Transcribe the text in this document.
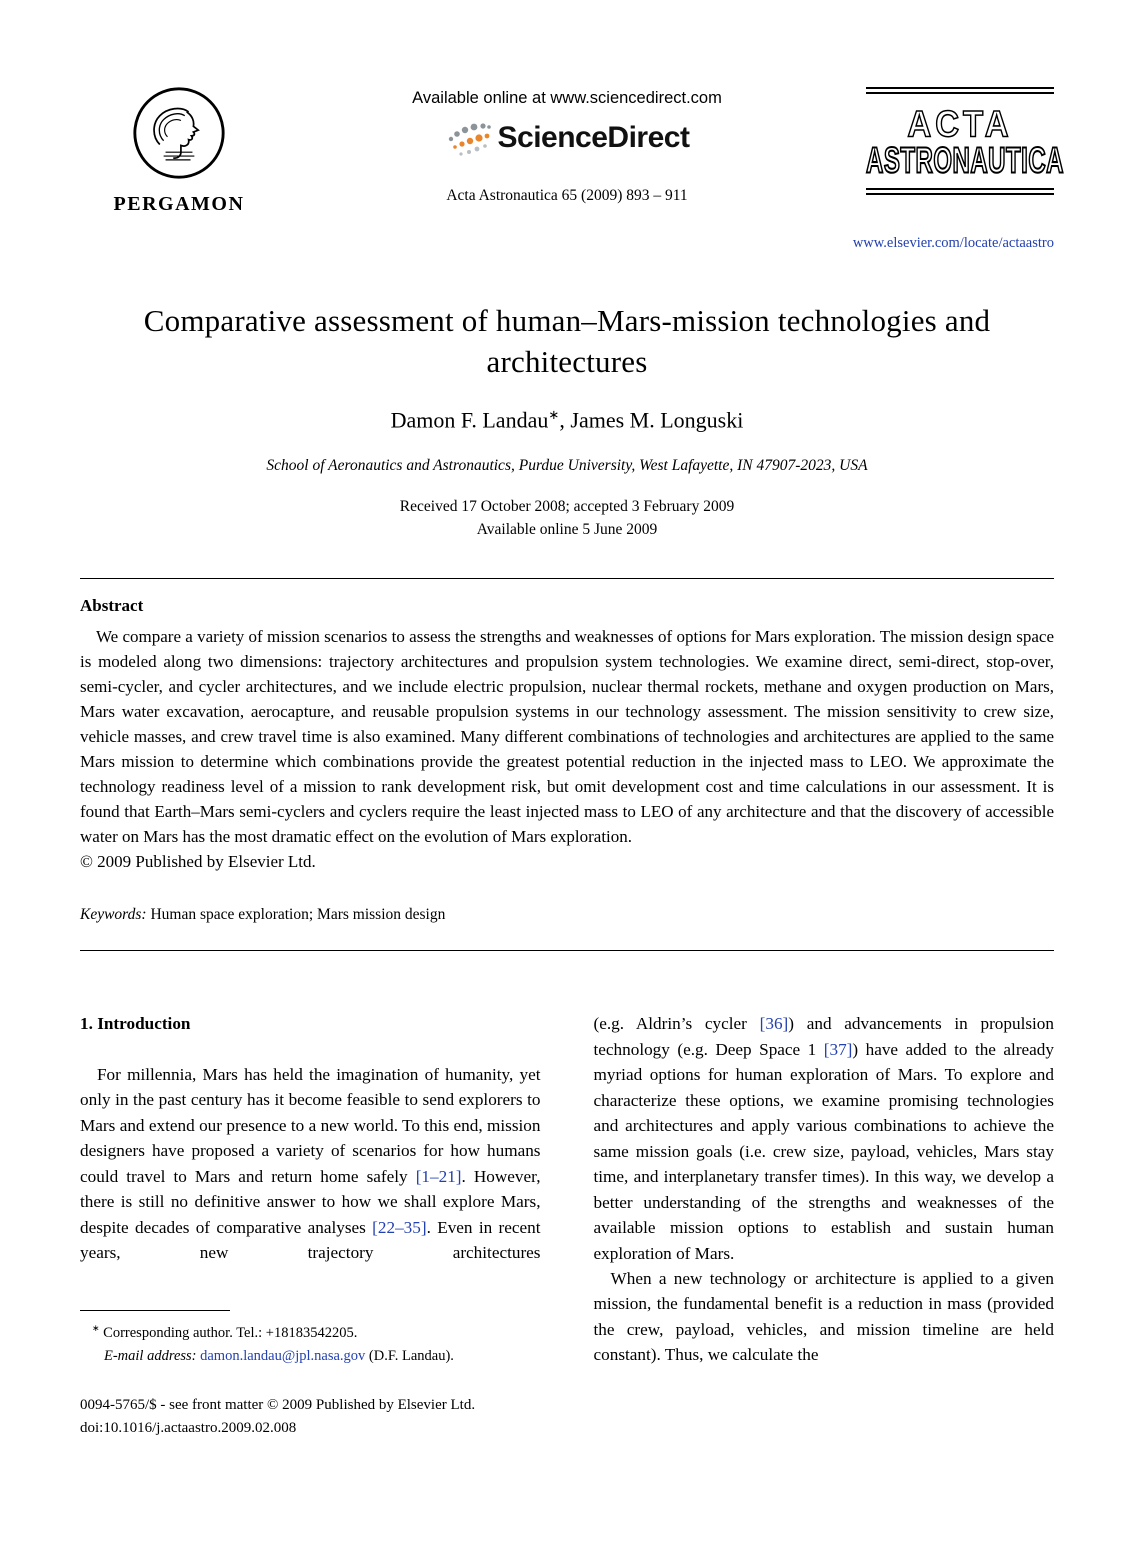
PERGAMON
Available online at www.sciencedirect.com
ScienceDirect
Acta Astronautica 65 (2009) 893 – 911
ACTA
ASTRONAUTICA
www.elsevier.com/locate/actaastro
Comparative assessment of human–Mars-mission technologies and architectures
Damon F. Landau∗, James M. Longuski
School of Aeronautics and Astronautics, Purdue University, West Lafayette, IN 47907-2023, USA
Received 17 October 2008; accepted 3 February 2009
Available online 5 June 2009
Abstract

We compare a variety of mission scenarios to assess the strengths and weaknesses of options for Mars exploration. The mission design space is modeled along two dimensions: trajectory architectures and propulsion system technologies. We examine direct, semi-direct, stop-over, semi-cycler, and cycler architectures, and we include electric propulsion, nuclear thermal rockets, methane and oxygen production on Mars, Mars water excavation, aerocapture, and reusable propulsion systems in our technology assessment. The mission sensitivity to crew size, vehicle masses, and crew travel time is also examined. Many different combinations of technologies and architectures are applied to the same Mars mission to determine which combinations provide the greatest potential reduction in the injected mass to LEO. We approximate the technology readiness level of a mission to rank development risk, but omit development cost and time calculations in our assessment. It is found that Earth–Mars semi-cyclers and cyclers require the least injected mass to LEO of any architecture and that the discovery of accessible water on Mars has the most dramatic effect on the evolution of Mars exploration.

© 2009 Published by Elsevier Ltd.

Keywords: Human space exploration; Mars mission design

1. Introduction

For millennia, Mars has held the imagination of humanity, yet only in the past century has it become feasible to send explorers to Mars and extend our presence to a new world. To this end, mission designers have proposed a variety of scenarios for how humans could travel to Mars and return home safely [1–21]. However, there is still no definitive answer to how we shall explore Mars, despite decades of comparative analyses [22–35]. Even in recent years, new trajectory architectures

∗ Corresponding author. Tel.: +18183542205.
E-mail address: damon.landau@jpl.nasa.gov (D.F. Landau).

(e.g. Aldrin’s cycler [36]) and advancements in propulsion technology (e.g. Deep Space 1 [37]) have added to the already myriad options for human exploration of Mars. To explore and characterize these options, we examine promising technologies and architectures and apply various combinations to achieve the same mission goals (i.e. crew size, payload, vehicles, Mars stay time, and interplanetary transfer times). In this way, we develop a better understanding of the strengths and weaknesses of the available mission options to establish and sustain human exploration of Mars.

When a new technology or architecture is applied to a given mission, the fundamental benefit is a reduction in mass (provided the crew, payload, vehicles, and mission timeline are held constant). Thus, we calculate the

0094-5765/$ - see front matter © 2009 Published by Elsevier Ltd.
doi:10.1016/j.actaastro.2009.02.008
